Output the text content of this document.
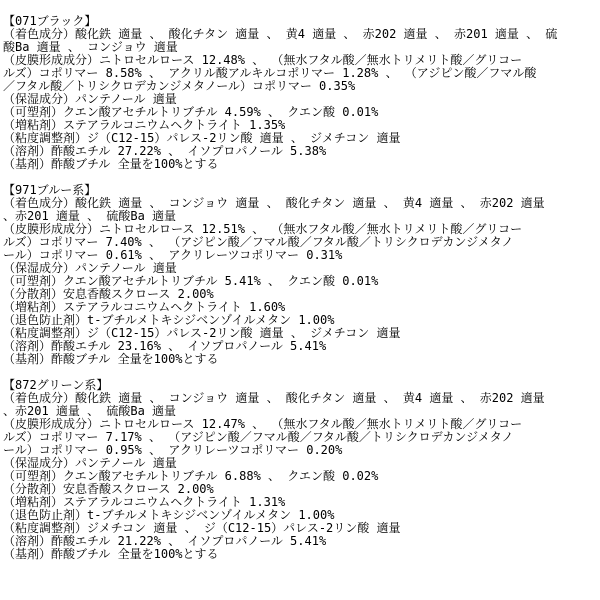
【071ブラック】
（着色成分）酸化鉄 適量 、 酸化チタン 適量 、 黄4 適量 、 赤202 適量 、 赤201 適量 、 硫
酸Ba 適量 、 コンジョウ 適量
（皮膜形成成分）ニトロセルロース 12.48% 、 （無水フタル酸／無水トリメリト酸／グリコー
ルズ）コポリマー 8.58% 、 アクリル酸アルキルコポリマー 1.28% 、 （アジピン酸／フマル酸
／フタル酸／トリシクロデカンジメタノール）コポリマー 0.35%
（保湿成分）パンテノール 適量
（可塑剤）クエン酸アセチルトリブチル 4.59% 、 クエン酸 0.01%
（増粘剤）ステアラルコニウムヘクトライト 1.35%
（粘度調整剤）ジ（C12-15）パレス-2リン酸 適量 、 ジメチコン 適量
（溶剤）酢酸エチル 27.22% 、 イソプロパノール 5.38%
（基剤）酢酸ブチル 全量を100%とする
【971ブルー系】
（着色成分）酸化鉄 適量 、 コンジョウ 適量 、 酸化チタン 適量 、 黄4 適量 、 赤202 適量
、赤201 適量 、 硫酸Ba 適量
（皮膜形成成分）ニトロセルロース 12.51% 、 （無水フタル酸／無水トリメリト酸／グリコー
ルズ）コポリマー 7.40% 、 （アジピン酸／フマル酸／フタル酸／トリシクロデカンジメタノ
ール）コポリマー 0.61% 、 アクリレーツコポリマー 0.31%
（保湿成分）パンテノール 適量
（可塑剤）クエン酸アセチルトリブチル 5.41% 、 クエン酸 0.01%
（分散剤）安息香酸スクロース 2.00%
（増粘剤）ステアラルコニウムヘクトライト 1.60%
（退色防止剤）t-ブチルメトキシジベンゾイルメタン 1.00%
（粘度調整剤）ジ（C12-15）パレス-2リン酸 適量 、 ジメチコン 適量
（溶剤）酢酸エチル 23.16% 、 イソプロパノール 5.41%
（基剤）酢酸ブチル 全量を100%とする
【872グリーン系】
（着色成分）酸化鉄 適量 、 コンジョウ 適量 、 酸化チタン 適量 、 黄4 適量 、 赤202 適量
、赤201 適量 、 硫酸Ba 適量
（皮膜形成成分）ニトロセルロース 12.47% 、 （無水フタル酸／無水トリメリト酸／グリコー
ルズ）コポリマー 7.17% 、 （アジピン酸／フマル酸／フタル酸／トリシクロデカンジメタノ
ール）コポリマー 0.95% 、 アクリレーツコポリマー 0.20%
（保湿成分）パンテノール 適量
（可塑剤）クエン酸アセチルトリブチル 6.88% 、 クエン酸 0.02%
（分散剤）安息香酸スクロース 2.00%
（増粘剤）ステアラルコニウムヘクトライト 1.31%
（退色防止剤）t-ブチルメトキシジベンゾイルメタン 1.00%
（粘度調整剤）ジメチコン 適量 、 ジ（C12-15）パレス-2リン酸 適量
（溶剤）酢酸エチル 21.22% 、 イソプロパノール 5.41%
（基剤）酢酸ブチル 全量を100%とする
